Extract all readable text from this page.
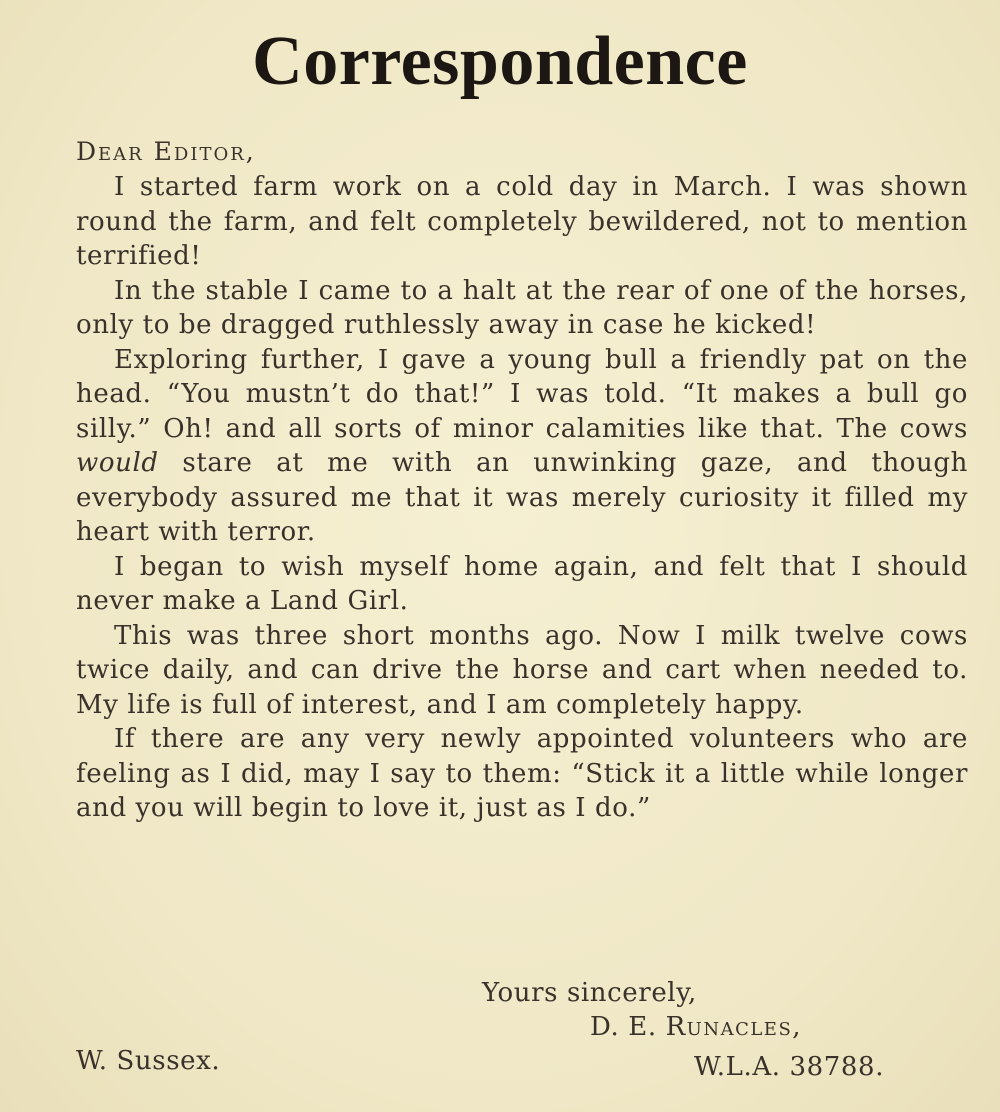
Correspondence
Dear Editor,

I started farm work on a cold day in March. I was shown round the farm, and felt completely bewildered, not to mention terrified!

In the stable I came to a halt at the rear of one of the horses, only to be dragged ruthlessly away in case he kicked!

Exploring further, I gave a young bull a friendly pat on the head. “You mustn’t do that!” I was told. “It makes a bull go silly.” Oh! and all sorts of minor calamities like that. The cows would stare at me with an unwinking gaze, and though everybody assured me that it was merely curiosity it filled my heart with terror.

I began to wish myself home again, and felt that I should never make a Land Girl.

This was three short months ago. Now I milk twelve cows twice daily, and can drive the horse and cart when needed to. My life is full of interest, and I am completely happy.

If there are any very newly appointed volunteers who are feeling as I did, may I say to them: “Stick it a little while longer and you will begin to love it, just as I do.”

Yours sincerely,
D. E. Runacles,
W. Sussex.	W.L.A. 38788.
